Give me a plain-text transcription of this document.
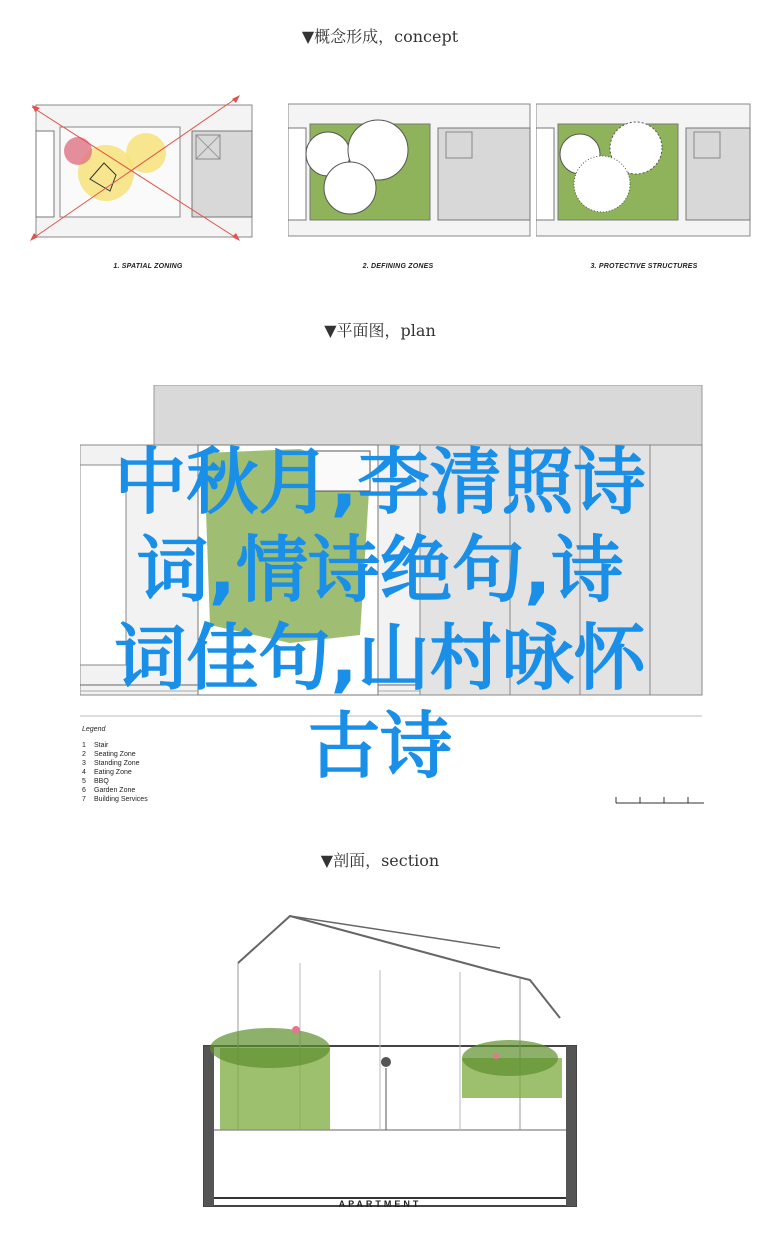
▼概念形成，concept
1. SPATIAL ZONING	2. DEFINING ZONES	3. PROTECTIVE STRUCTURES
▼平面图，plan
Legend
1 Stair
2 Seating Zone
3 Standing Zone
4 Eating Zone
5 BBQ
6 Garden Zone
7 Building Services
中秋月,李清照诗
词,情诗绝句,诗
词佳句,山村咏怀
古诗
▼剖面，section
APARTMENT
